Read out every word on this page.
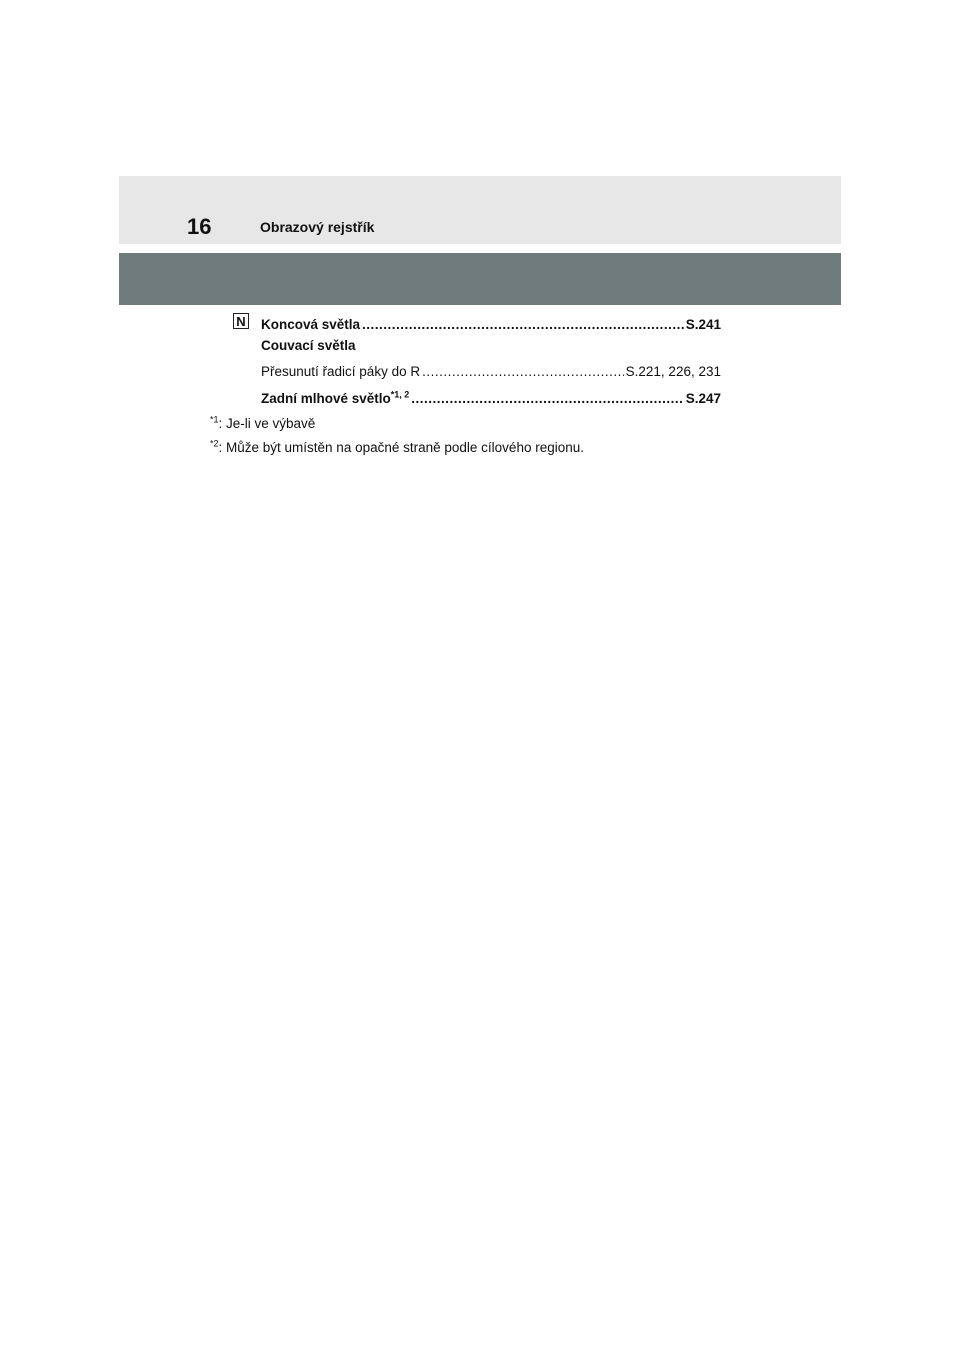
16	Obrazový rejstřík
N Koncová světla .....	S.241
Couvací světla
Přesunutí řadicí páky do R .....	S.221, 226, 231
Zadní mlhové světlo$^{*1, 2}$ .....	S.247
$^{*1}$: Je-li ve výbavě
$^{*2}$: Může být umístěn na opačné straně podle cílového regionu.
